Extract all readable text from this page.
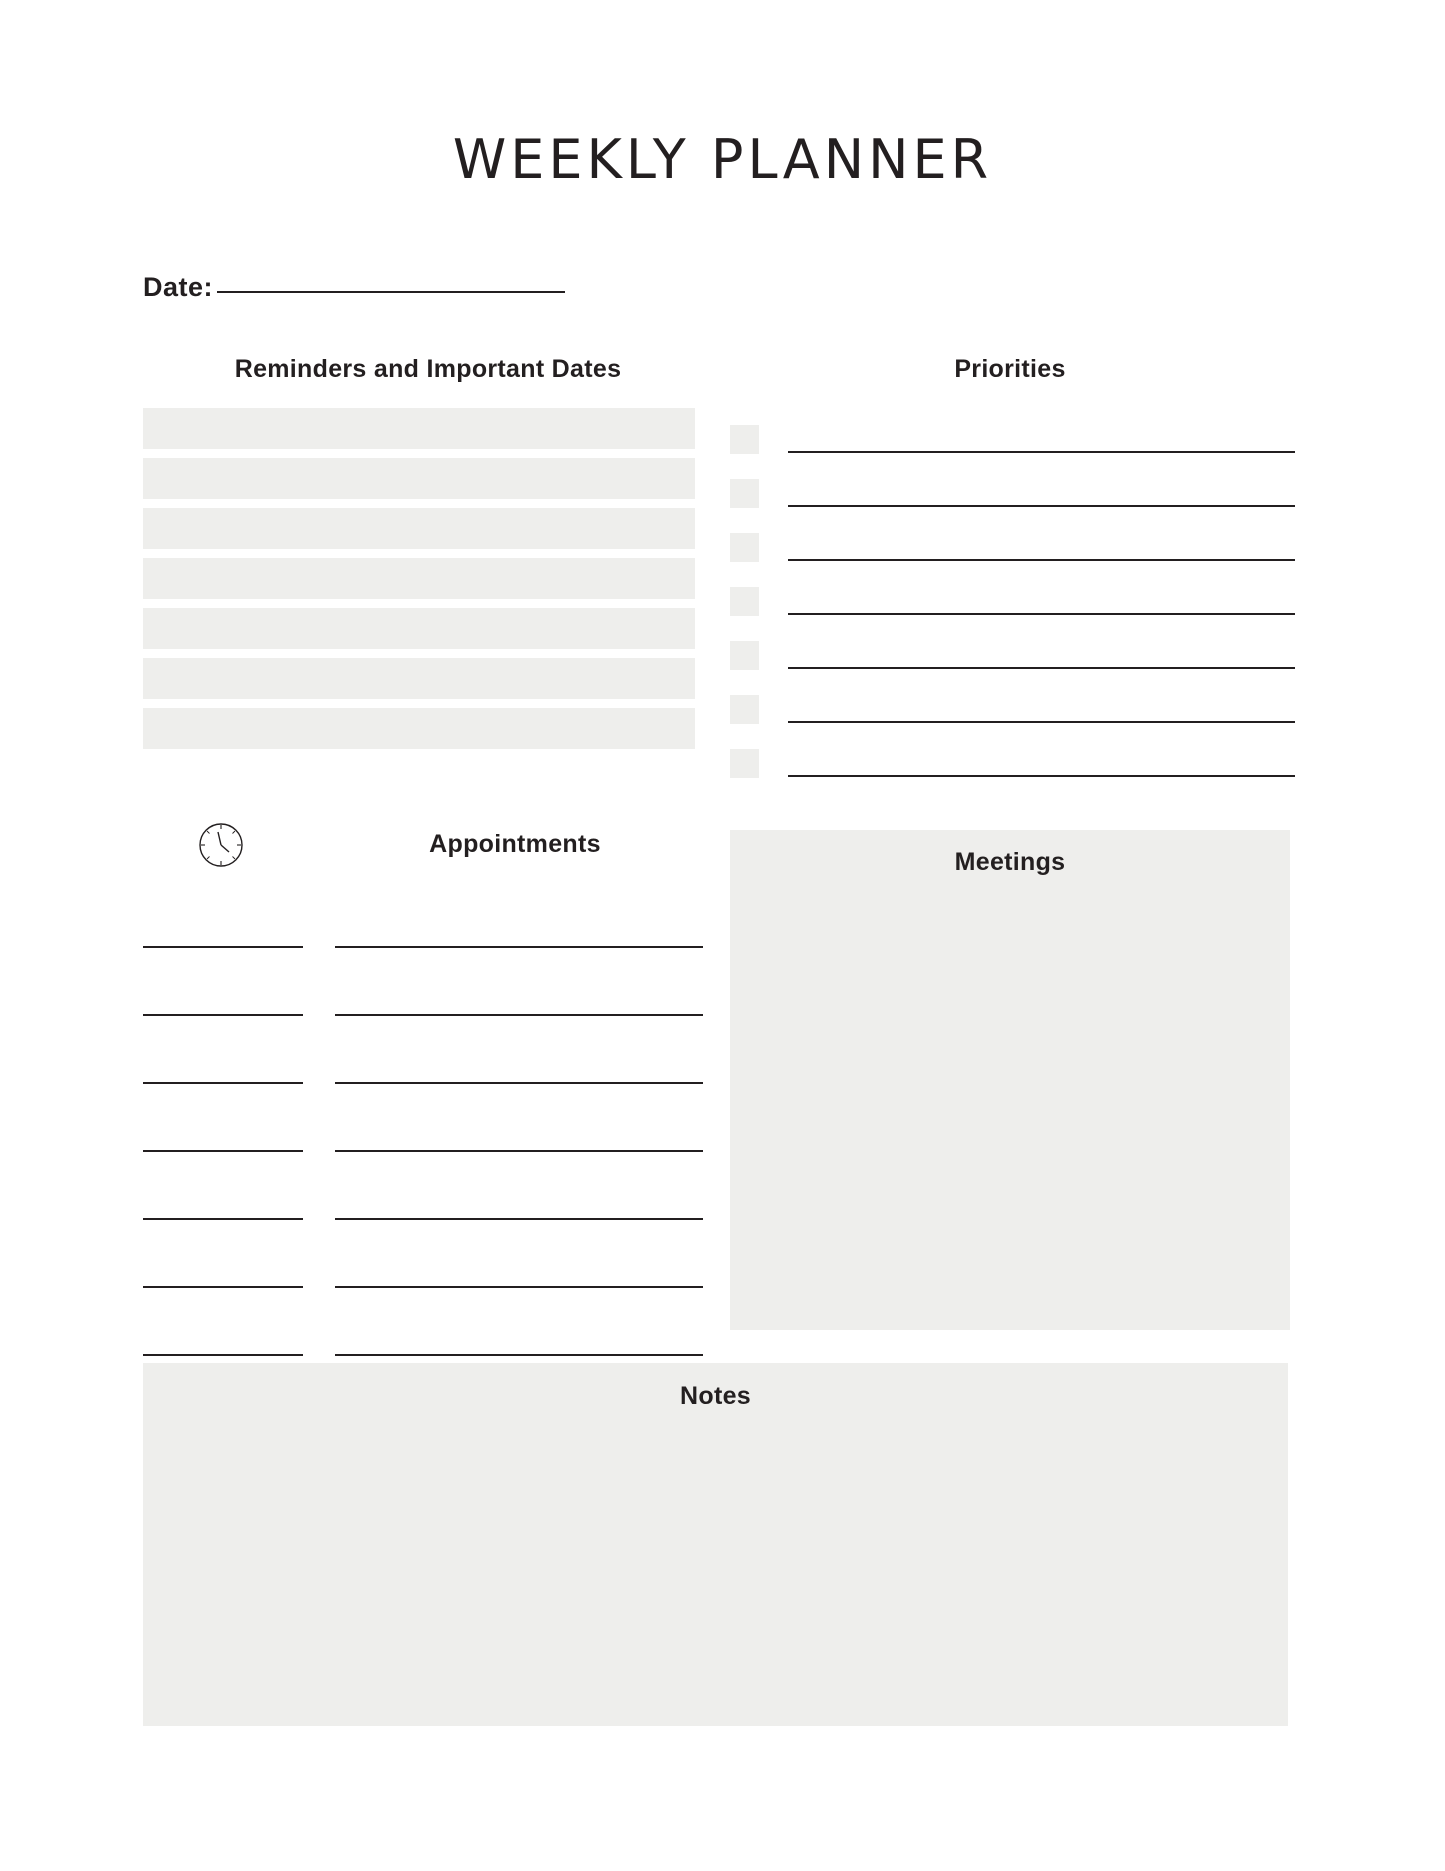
WEEKLY PLANNER
Date:
Reminders and Important Dates	Priorities
Appointments
Meetings
Notes
